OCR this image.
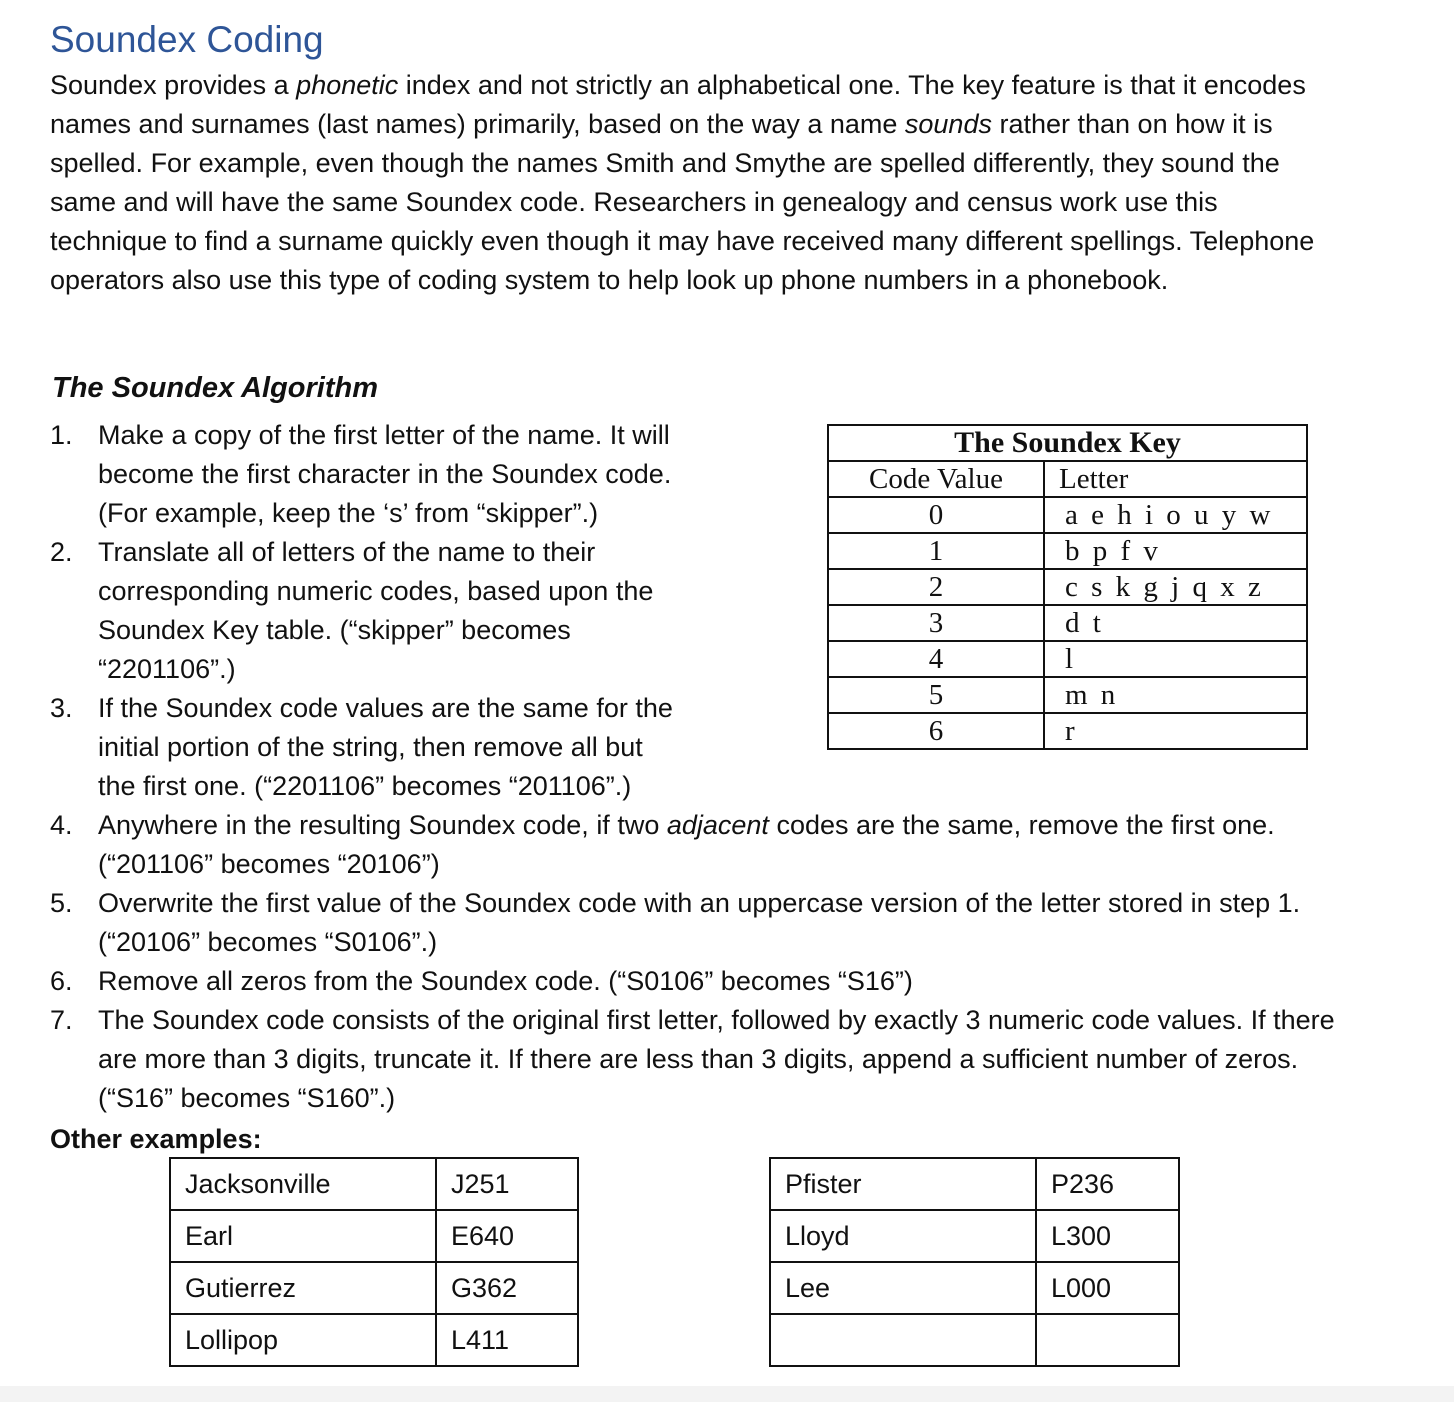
Soundex Coding

Soundex provides a phonetic index and not strictly an alphabetical one. The key feature is that it encodes names and surnames (last names) primarily, based on the way a name sounds rather than on how it is spelled. For example, even though the names Smith and Smythe are spelled differently, they sound the same and will have the same Soundex code. Researchers in genealogy and census work use this technique to find a surname quickly even though it may have received many different spellings. Telephone operators also use this type of coding system to help look up phone numbers in a phonebook.

The Soundex Algorithm
1. Make a copy of the first letter of the name. It will
become the first character in the Soundex code.
(For example, keep the ‘s’ from “skipper”.)
2. Translate all of letters of the name to their
corresponding numeric codes, based upon the
Soundex Key table. (“skipper” becomes
“2201106”.)
3. If the Soundex code values are the same for the
initial portion of the string, then remove all but
the first one. (“2201106” becomes “201106”.)
4. Anywhere in the resulting Soundex code, if two adjacent codes are the same, remove the first one. (“201106” becomes “20106”)
5. Overwrite the first value of the Soundex code with an uppercase version of the letter stored in step 1. (“20106” becomes “S0106”.)
6. Remove all zeros from the Soundex code. (“S0106” becomes “S16”)
7. The Soundex code consists of the original first letter, followed by exactly 3 numeric code values. If there are more than 3 digits, truncate it. If there are less than 3 digits, append a sufficient number of zeros. (“S16” becomes “S160”.)
The Soundex Key	
Code Value	Letter
0	a e h i o u y w
1	b p f v
2	c s k g j q x z
3	d t
4	l
5	m n
6	r

Other examples:

Jacksonville	J251
Earl	E640
Gutierrez	G362
Lollipop	L411
Pfister	P236
Lloyd	L300
Lee	L000
